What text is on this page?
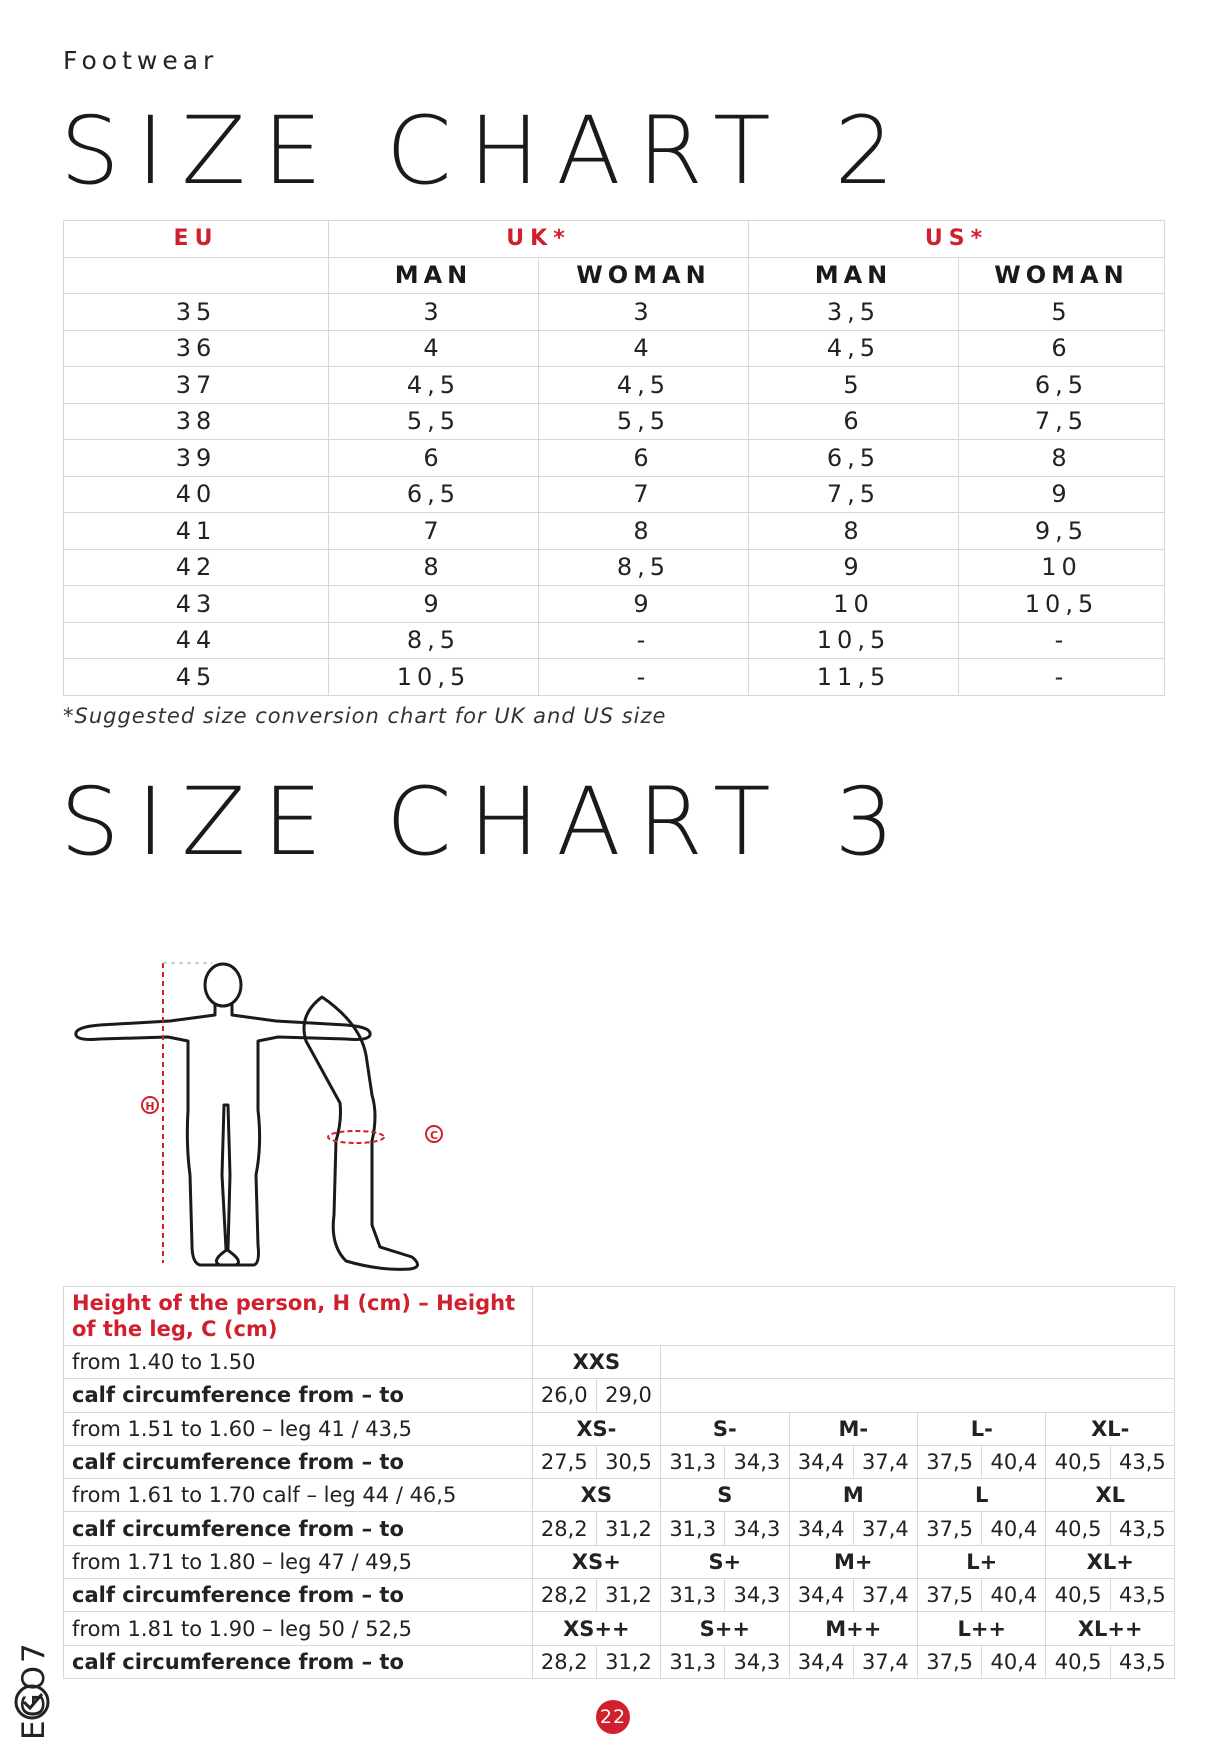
Footwear
SIZE CHART 2
EU	UK*		US*	
	MAN	WOMAN	MAN	WOMAN
35	3	3	3,5	5
36	4	4	4,5	6
37	4,5	4,5	5	6,5
38	5,5	5,5	6	7,5
39	6	6	6,5	8
40	6,5	7	7,5	9
41	7	8	8	9,5
42	8	8,5	9	10
43	9	9	10	10,5
44	8,5	-	10,5	-
45	10,5	-	11,5	-
*Suggested size conversion chart for UK and US size
SIZE CHART 3
H
C
Height of the person, H (cm) – Height of the leg, C (cm)										
from 1.40 to 1.50	XXS									
calf circumference from – to	26,0	29,0								
from 1.51 to 1.60 – leg 41 / 43,5	XS-		S-		M-		L-		XL-	
calf circumference from – to	27,5	30,5	31,3	34,3	34,4	37,4	37,5	40,4	40,5	43,5
from 1.61 to 1.70 calf – leg 44 / 46,5	XS		S		M		L		XL	
calf circumference from – to	28,2	31,2	31,3	34,3	34,4	37,4	37,5	40,4	40,5	43,5
from 1.71 to 1.80 – leg 47 / 49,5	XS+		S+		M+		L+		XL+	
calf circumference from – to	28,2	31,2	31,3	34,3	34,4	37,4	37,5	40,4	40,5	43,5
from 1.81 to 1.90 – leg 50 / 52,5	XS++		S++		M++		L++		XL++	
calf circumference from – to	28,2	31,2	31,3	34,3	34,4	37,4	37,5	40,4	40,5	43,5
EGO7	22
